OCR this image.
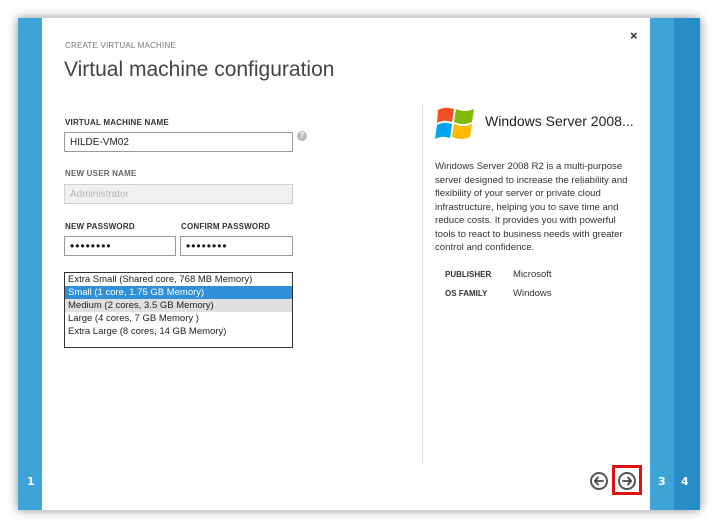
1	3 4
×
CREATE VIRTUAL MACHINE
Virtual machine configuration
VIRTUAL MACHINE NAME
HILDE-VM02
?
NEW USER NAME
Administrator
NEW PASSWORD
••••••••
CONFIRM PASSWORD
••••••••
Extra Small (Shared core, 768 MB Memory)
Small (1 core, 1.75 GB Memory)
Medium (2 cores, 3.5 GB Memory)
Large (4 cores, 7 GB Memory )
Extra Large (8 cores, 14 GB Memory)
Windows Server 2008...
Windows Server 2008 R2 is a multi-purpose server designed to increase the reliability and flexibility of your server or private cloud infrastructure, helping you to save time and reduce costs. It provides you with powerful tools to react to business needs with greater control and confidence.
PUBLISHER Microsoft
OS FAMILY	Windows
